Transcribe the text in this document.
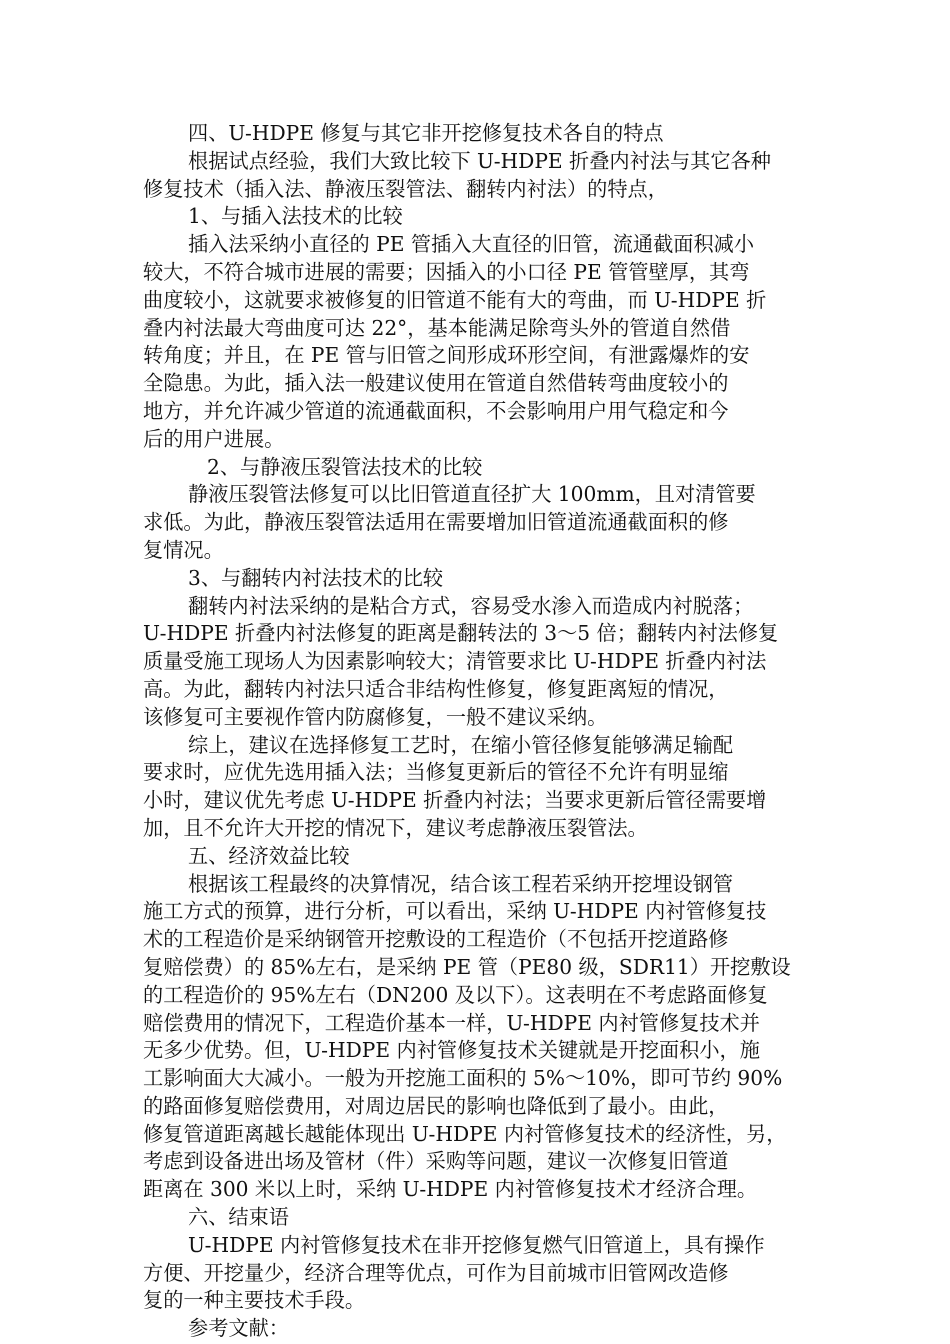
四、U-HDPE 修复与其它非开挖修复技术各自的特点
根据试点经验，我们大致比较下 U-HDPE 折叠内衬法与其它各种
修复技术（插入法、静液压裂管法、翻转内衬法）的特点，
1、与插入法技术的比较
插入法采纳小直径的 PE 管插入大直径的旧管，流通截面积减小
较大，不符合城市进展的需要；因插入的小口径 PE 管管壁厚，其弯
曲度较小，这就要求被修复的旧管道不能有大的弯曲，而 U-HDPE 折
叠内衬法最大弯曲度可达 22°，基本能满足除弯头外的管道自然借
转角度；并且，在 PE 管与旧管之间形成环形空间，有泄露爆炸的安
全隐患。为此，插入法一般建议使用在管道自然借转弯曲度较小的
地方，并允许减少管道的流通截面积，不会影响用户用气稳定和今
后的用户进展。
2、与静液压裂管法技术的比较
静液压裂管法修复可以比旧管道直径扩大 100mm，且对清管要
求低。为此，静液压裂管法适用在需要增加旧管道流通截面积的修
复情况。
3、与翻转内衬法技术的比较
翻转内衬法采纳的是粘合方式，容易受水渗入而造成内衬脱落；
U-HDPE 折叠内衬法修复的距离是翻转法的 3～5 倍；翻转内衬法修复
质量受施工现场人为因素影响较大；清管要求比 U-HDPE 折叠内衬法
高。为此，翻转内衬法只适合非结构性修复，修复距离短的情况，
该修复可主要视作管内防腐修复，一般不建议采纳。
综上，建议在选择修复工艺时，在缩小管径修复能够满足输配
要求时，应优先选用插入法；当修复更新后的管径不允许有明显缩
小时，建议优先考虑 U-HDPE 折叠内衬法；当要求更新后管径需要增
加，且不允许大开挖的情况下，建议考虑静液压裂管法。
五、经济效益比较
根据该工程最终的决算情况，结合该工程若采纳开挖埋设钢管
施工方式的预算，进行分析，可以看出，采纳 U-HDPE 内衬管修复技
术的工程造价是采纳钢管开挖敷设的工程造价（不包括开挖道路修
复赔偿费）的 85%左右，是采纳 PE 管（PE80 级，SDR11）开挖敷设
的工程造价的 95%左右（DN200 及以下）。这表明在不考虑路面修复
赔偿费用的情况下，工程造价基本一样，U-HDPE 内衬管修复技术并
无多少优势。但，U-HDPE 内衬管修复技术关键就是开挖面积小，施
工影响面大大减小。一般为开挖施工面积的 5%～10%，即可节约 90%
的路面修复赔偿费用，对周边居民的影响也降低到了最小。由此，
修复管道距离越长越能体现出 U-HDPE 内衬管修复技术的经济性，另，
考虑到设备进出场及管材（件）采购等问题，建议一次修复旧管道
距离在 300 米以上时，采纳 U-HDPE 内衬管修复技术才经济合理。
六、结束语
U-HDPE 内衬管修复技术在非开挖修复燃气旧管道上，具有操作
方便、开挖量少，经济合理等优点，可作为目前城市旧管网改造修
复的一种主要技术手段。
参考文献：
